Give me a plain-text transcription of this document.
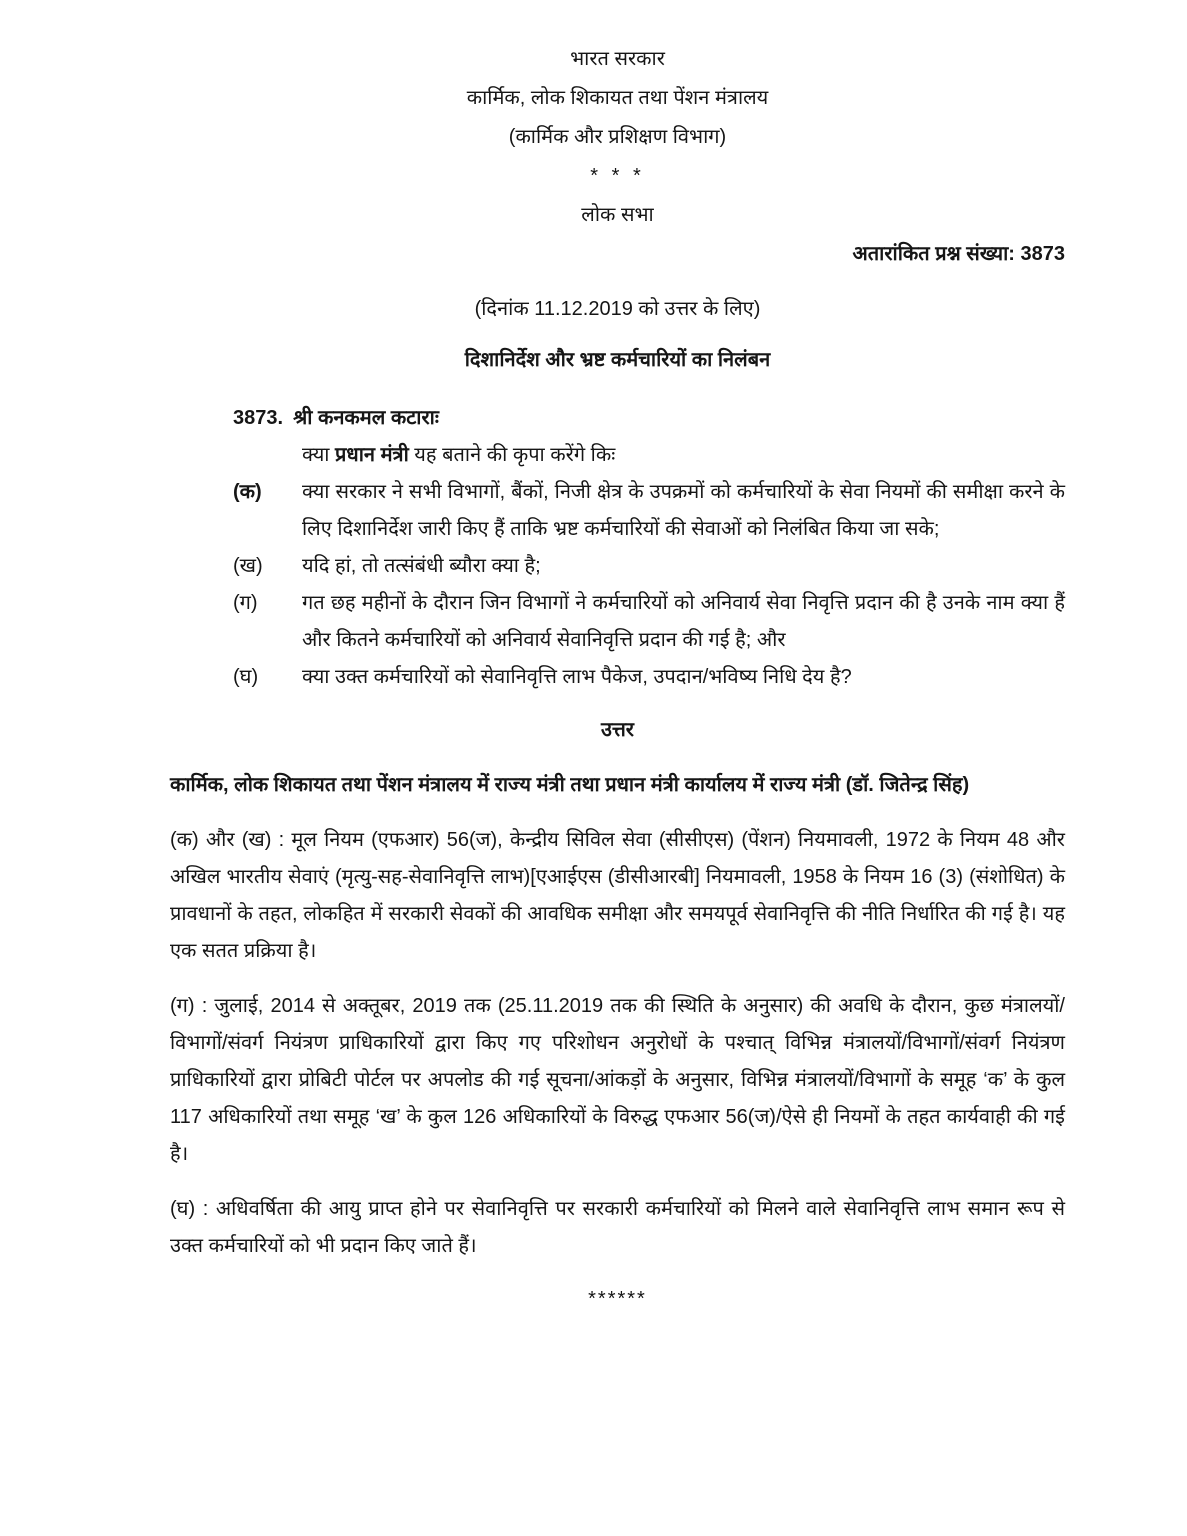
भारत सरकार
कार्मिक, लोक शिकायत तथा पेंशन मंत्रालय
(कार्मिक और प्रशिक्षण विभाग)
* * *
लोक सभा
अतारांकित प्रश्न संख्या: 3873
(दिनांक 11.12.2019 को उत्तर के लिए)
दिशानिर्देश और भ्रष्ट कर्मचारियों का निलंबन
3873. श्री कनकमल कटाराः
क्या प्रधान मंत्री यह बताने की कृपा करेंगे किः
(क)	क्या सरकार ने सभी विभागों, बैंकों, निजी क्षेत्र के उपक्रमों को कर्मचारियों के सेवा नियमों की समीक्षा करने के लिए दिशानिर्देश जारी किए हैं ताकि भ्रष्ट कर्मचारियों की सेवाओं को निलंबित किया जा सके;
(ख)	यदि हां, तो तत्संबंधी ब्यौरा क्या है;
(ग)	गत छह महीनों के दौरान जिन विभागों ने कर्मचारियों को अनिवार्य सेवा निवृत्ति प्रदान की है उनके नाम क्या हैं और कितने कर्मचारियों को अनिवार्य सेवानिवृत्ति प्रदान की गई है; और
(घ)	क्या उक्त कर्मचारियों को सेवानिवृत्ति लाभ पैकेज, उपदान/भविष्य निधि देय है?
उत्तर

कार्मिक, लोक शिकायत तथा पेंशन मंत्रालय में राज्य मंत्री तथा प्रधान मंत्री कार्यालय में राज्य मंत्री (डॉ. जितेन्द्र सिंह)

(क) और (ख) : मूल नियम (एफआर) 56(ज), केन्द्रीय सिविल सेवा (सीसीएस) (पेंशन) नियमावली, 1972 के नियम 48 और अखिल भारतीय सेवाएं (मृत्यु-सह-सेवानिवृत्ति लाभ)[एआईएस (डीसीआरबी] नियमावली, 1958 के नियम 16 (3) (संशोधित) के प्रावधानों के तहत, लोकहित में सरकारी सेवकों की आवधिक समीक्षा और समयपूर्व सेवानिवृत्ति की नीति निर्धारित की गई है। यह एक सतत प्रक्रिया है।

(ग) : जुलाई, 2014 से अक्तूबर, 2019 तक (25.11.2019 तक की स्थिति के अनुसार) की अवधि के दौरान, कुछ मंत्रालयों/विभागों/संवर्ग नियंत्रण प्राधिकारियों द्वारा किए गए परिशोधन अनुरोधों के पश्चात् विभिन्न मंत्रालयों/विभागों/संवर्ग नियंत्रण प्राधिकारियों द्वारा प्रोबिटी पोर्टल पर अपलोड की गई सूचना/आंकड़ों के अनुसार, विभिन्न मंत्रालयों/विभागों के समूह ‘क’ के कुल 117 अधिकारियों तथा समूह ‘ख’ के कुल 126 अधिकारियों के विरुद्ध एफआर 56(ज)/ऐसे ही नियमों के तहत कार्यवाही की गई है।

(घ) : अधिवर्षिता की आयु प्राप्त होने पर सेवानिवृत्ति पर सरकारी कर्मचारियों को मिलने वाले सेवानिवृत्ति लाभ समान रूप से उक्त कर्मचारियों को भी प्रदान किए जाते हैं।

******
